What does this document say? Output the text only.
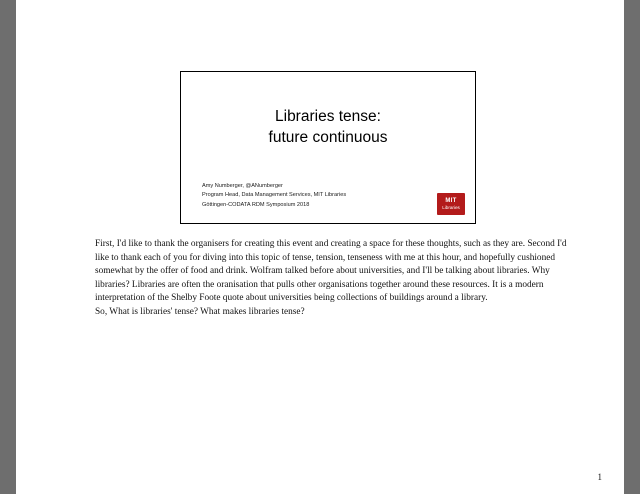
Libraries tense:
future continuous
Amy Numberger, @ANumberger
Program Head, Data Management Services, MIT Libraries
Göttingen-CODATA RDM Symposium 2018
MIT
Libraries

First, I'd like to thank the organisers for creating this event and creating a space for these thoughts, such as they are. Second I'd like to thank each of you for diving into this topic of tense, tension, tenseness with me at this hour, and hopefully cushioned somewhat by the offer of food and drink. Wolfram talked before about universities, and I'll be talking about libraries. Why libraries? Libraries are often the oranisation that pulls other organisations together around these resources. It is a modern interpretation of the Shelby Foote quote about universities being collections of buildings around a library.

So, What is libraries' tense? What makes libraries tense?

1
